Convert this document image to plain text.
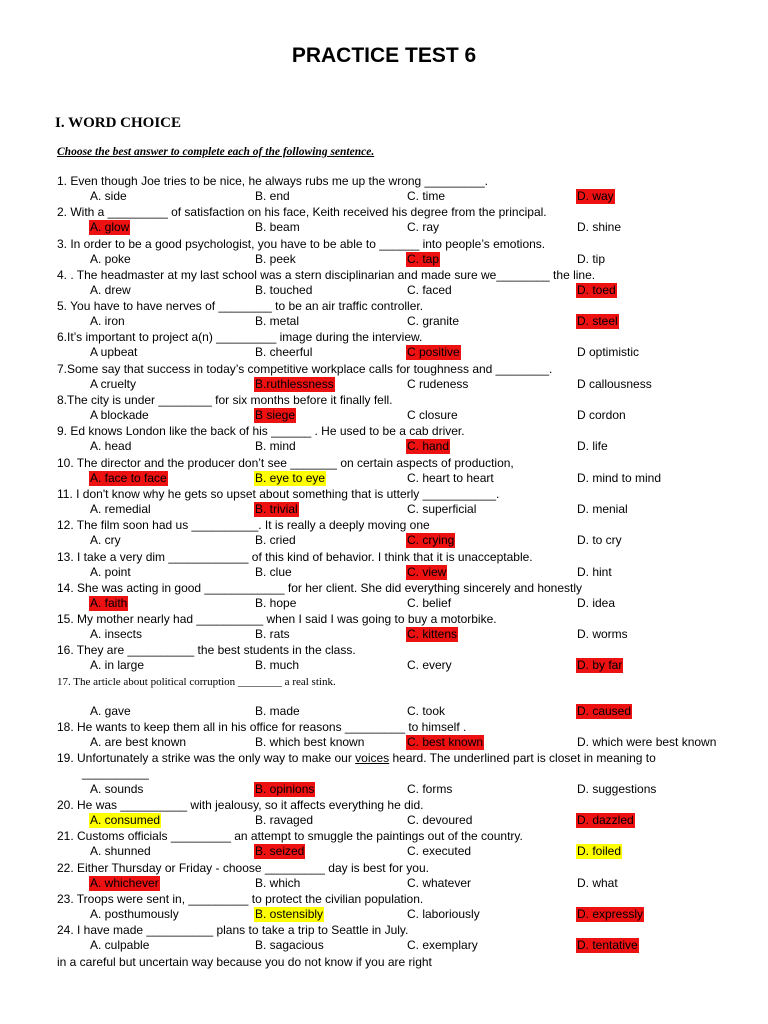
PRACTICE TEST 6
I. WORD CHOICE
Choose the best answer to complete each of the following sentence.
1. Even though Joe tries to be nice, he always rubs me up the wrong _________.
A. side	B. end	C. time	D. way
2. With a _________ of satisfaction on his face, Keith received his degree from the principal.
A. glow	B. beam	C. ray	D. shine
3. In order to be a good psychologist, you have to be able to ______ into people’s emotions.
A. poke	B. peek	C. tap	D. tip
4. . The headmaster at my last school was a stern disciplinarian and made sure we________ the line.
A. drew	B. touched	C. faced	D. toed
5. You have to have nerves of ________ to be an air traffic controller.
A. iron	B. metal	C. granite	D. steel
6.It’s important to project a(n) _________ image during the interview.
A upbeat	B. cheerful	C positive	D optimistic
7.Some say that success in today’s competitive workplace calls for toughness and ________.
A cruelty	B.ruthlessness	C rudeness	D callousness
8.The city is under ________ for six months before it finally fell.
A blockade	B siege	C closure	D cordon
9. Ed knows London like the back of his ______ . He used to be a cab driver.
A. head	B. mind	C. hand	D. life
10. The director and the producer don’t see _______ on certain aspects of production,
A. face to face	B. eye to eye	C. heart to heart	D. mind to mind
11. I don't know why he gets so upset about something that is utterly ___________.
A. remedial	B. trivial	C. superficial	D. menial
12. The film soon had us __________. It is really a deeply moving one
A. cry	B. cried	C. crying	D. to cry
13. I take a very dim ____________ of this kind of behavior. I think that it is unacceptable.
A. point	B. clue	C. view	D. hint
14. She was acting in good ____________ for her client. She did everything sincerely and honestly
A. faith	B. hope	C. belief	D. idea
15. My mother nearly had __________ when I said I was going to buy a motorbike.
A. insects	B. rats	C. kittens	D. worms
16. They are __________ the best students in the class.
A. in large	B. much	C. every	D. by far
17. The article about political corruption ________ a real stink.
A. gave	B. made	C. took	D. caused
18. He wants to keep them all in his office for reasons _________ to himself .
A. are best known	B. which best known	C. best known	D. which were best known
19. Unfortunately a strike was the only way to make our voices heard. The underlined part is closet in meaning to
__________
A. sounds	B. opinions	C. forms	D. suggestions
20. He was __________ with jealousy, so it affects everything he did.
A. consumed	B. ravaged	C. devoured	D. dazzled
21. Customs officials _________ an attempt to smuggle the paintings out of the country.
A. shunned	B. seized	C. executed	D. foiled
22. Either Thursday or Friday - choose _________ day is best for you.
A. whichever	B. which	C. whatever	D. what
23. Troops were sent in, _________ to protect the civilian population.
A. posthumously	B. ostensibly	C. laboriously	D. expressly
24. I have made __________ plans to take a trip to Seattle in July.
A. culpable	B. sagacious	C. exemplary	D. tentative
in a careful but uncertain way because you do not know if you are right
